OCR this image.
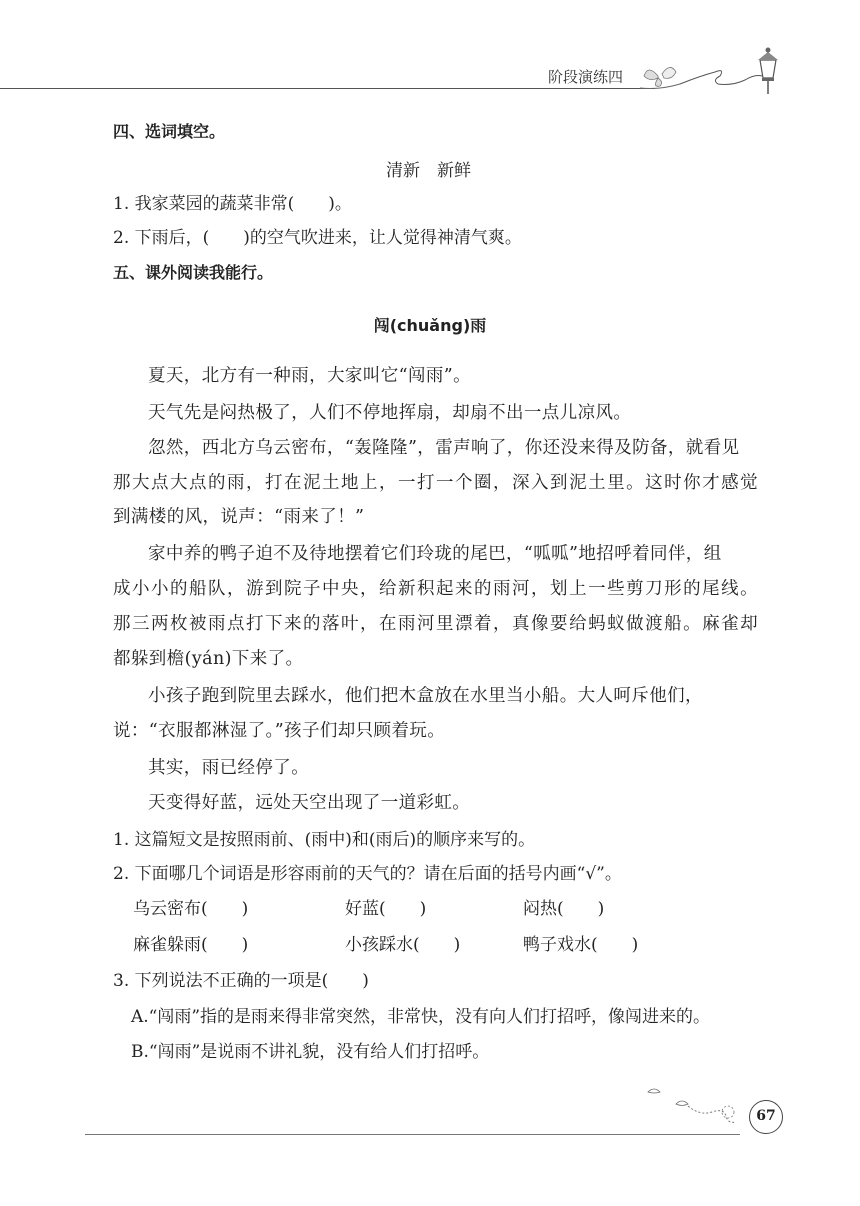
阶段演练四
四、选词填空。
清新　新鲜
1. 我家菜园的蔬菜非常(　　)。
2. 下雨后，(　　)的空气吹进来，让人觉得神清气爽。
五、课外阅读我能行。
闯(chuǎng)雨
夏天，北方有一种雨，大家叫它“闯雨”。
天气先是闷热极了，人们不停地挥扇，却扇不出一点儿凉风。
忽然，西北方乌云密布，“轰隆隆”，雷声响了，你还没来得及防备，就看见
那大点大点的雨，打在泥土地上，一打一个圈，深入到泥土里。这时你才感觉
到满楼的风，说声：“雨来了！”
家中养的鸭子迫不及待地摆着它们玲珑的尾巴，“呱呱”地招呼着同伴，组
成小小的船队，游到院子中央，给新积起来的雨河，划上一些剪刀形的尾线。
那三两枚被雨点打下来的落叶，在雨河里漂着，真像要给蚂蚁做渡船。麻雀却
都躲到檐(yán)下来了。
小孩子跑到院里去踩水，他们把木盒放在水里当小船。大人呵斥他们，
说：“衣服都淋湿了。”孩子们却只顾着玩。
其实，雨已经停了。
天变得好蓝，远处天空出现了一道彩虹。
1. 这篇短文是按照雨前、(雨中)和(雨后)的顺序来写的。
2. 下面哪几个词语是形容雨前的天气的？请在后面的括号内画“√”。
乌云密布(　　)	好蓝(　　)	闷热(　　)
麻雀躲雨(　　)	小孩踩水(　　)	鸭子戏水(　　)
3. 下列说法不正确的一项是(　　)
A.“闯雨”指的是雨来得非常突然，非常快，没有向人们打招呼，像闯进来的。
B.“闯雨”是说雨不讲礼貌，没有给人们打招呼。
67
